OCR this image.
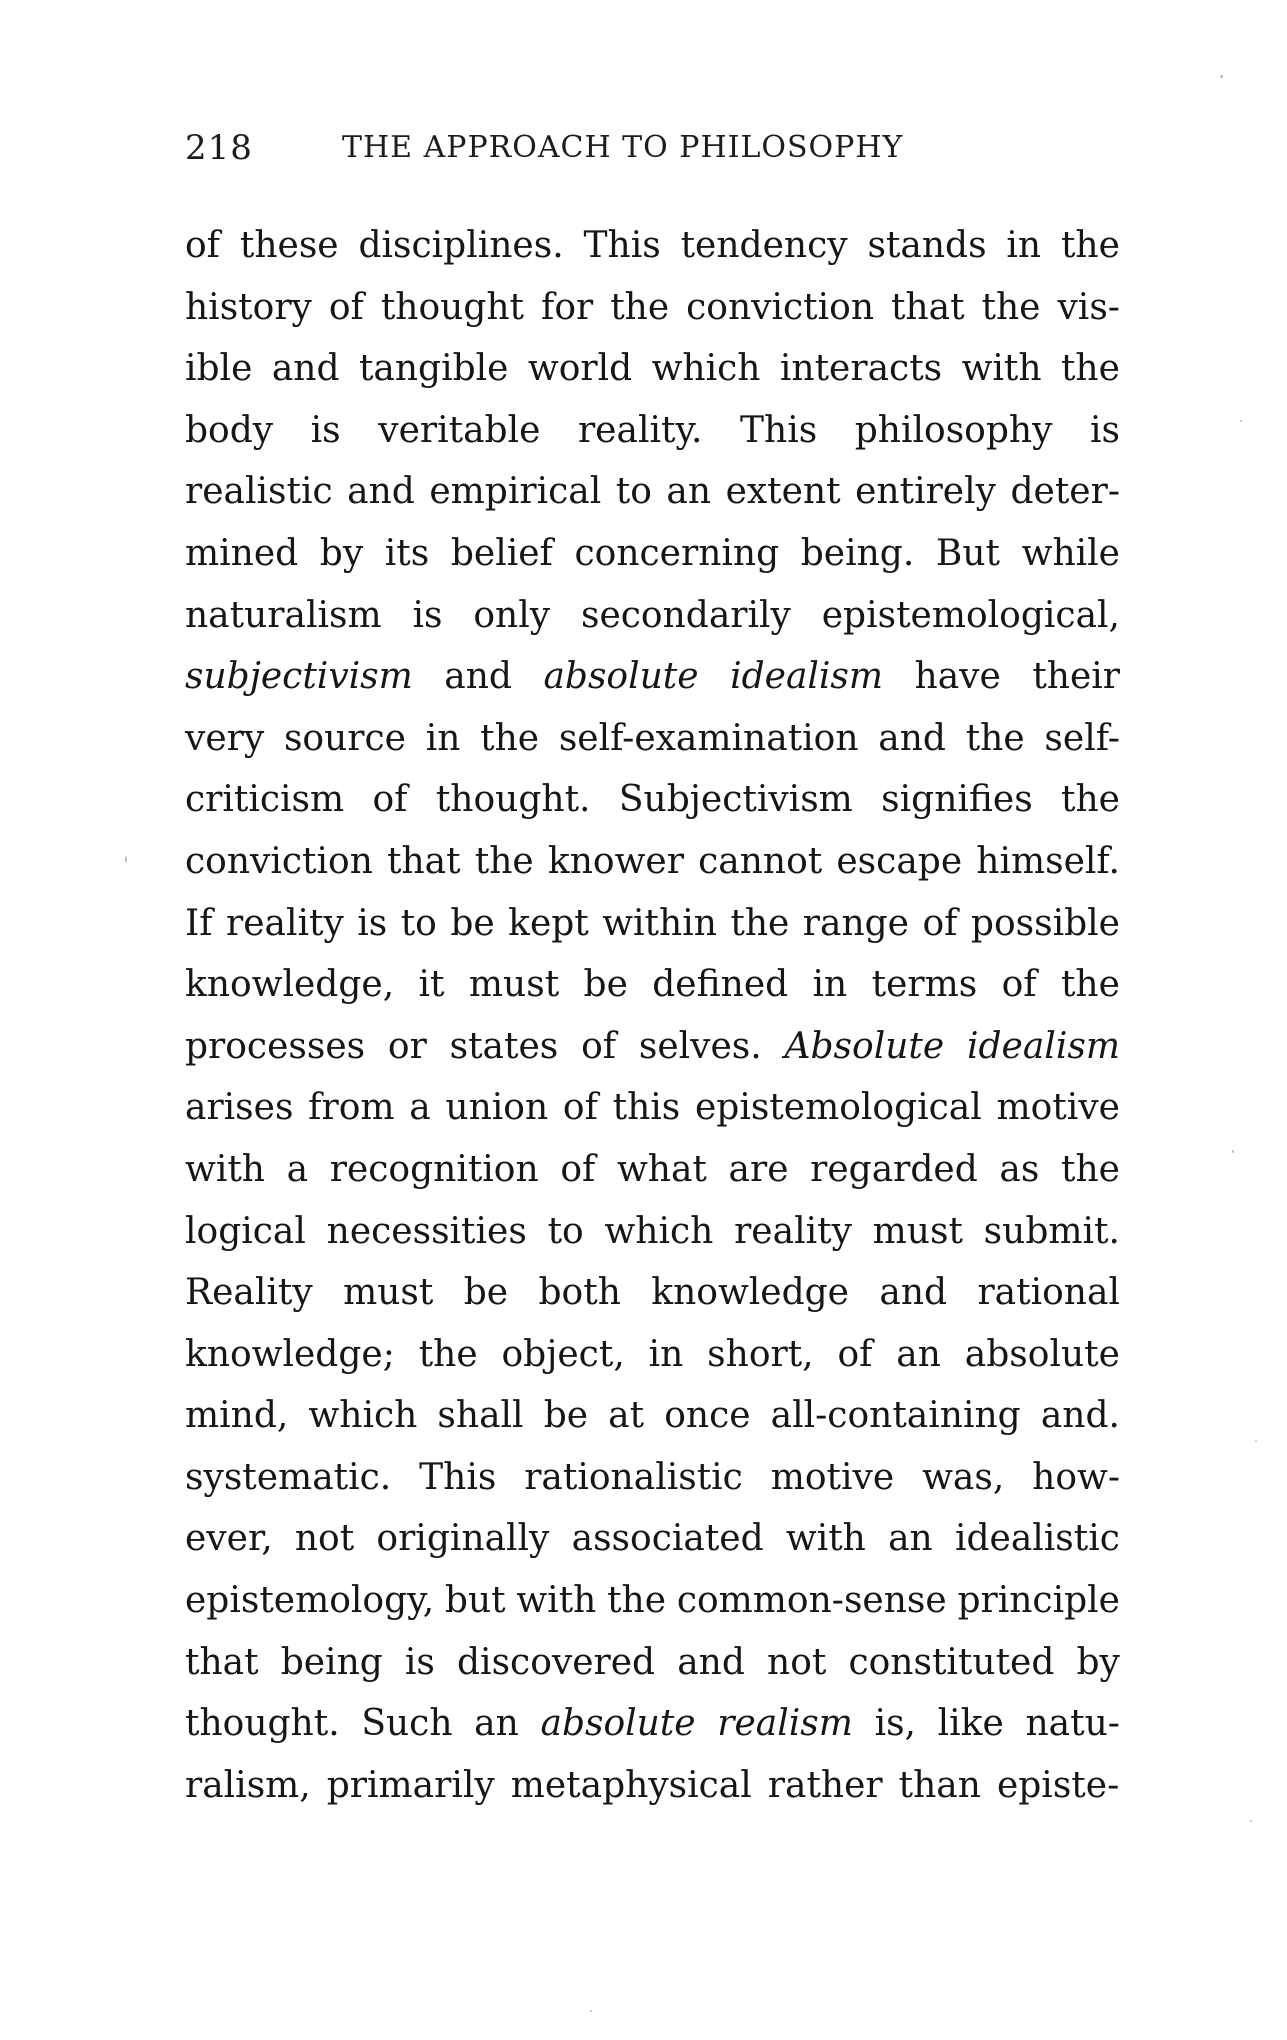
218	THE APPROACH TO PHILOSOPHY
of these disciplines. This tendency stands in the
history of thought for the conviction that the vis-
ible and tangible world which interacts with the
body is veritable reality. This philosophy is
realistic and empirical to an extent entirely deter-
mined by its belief concerning being. But while
naturalism is only secondarily epistemological,
subjectivism and absolute idealism have their
very source in the self-examination and the self-
criticism of thought. Subjectivism signifies the
conviction that the knower cannot escape himself.
If reality is to be kept within the range of possible
knowledge, it must be defined in terms of the
processes or states of selves. Absolute idealism
arises from a union of this epistemological motive
with a recognition of what are regarded as the
logical necessities to which reality must submit.
Reality must be both knowledge and rational
knowledge; the object, in short, of an absolute
mind, which shall be at once all-containing and.
systematic. This rationalistic motive was, how-
ever, not originally associated with an idealistic
epistemology, but with the common-sense principle
that being is discovered and not constituted by
thought. Such an absolute realism is, like natu-
ralism, primarily metaphysical rather than episte-
